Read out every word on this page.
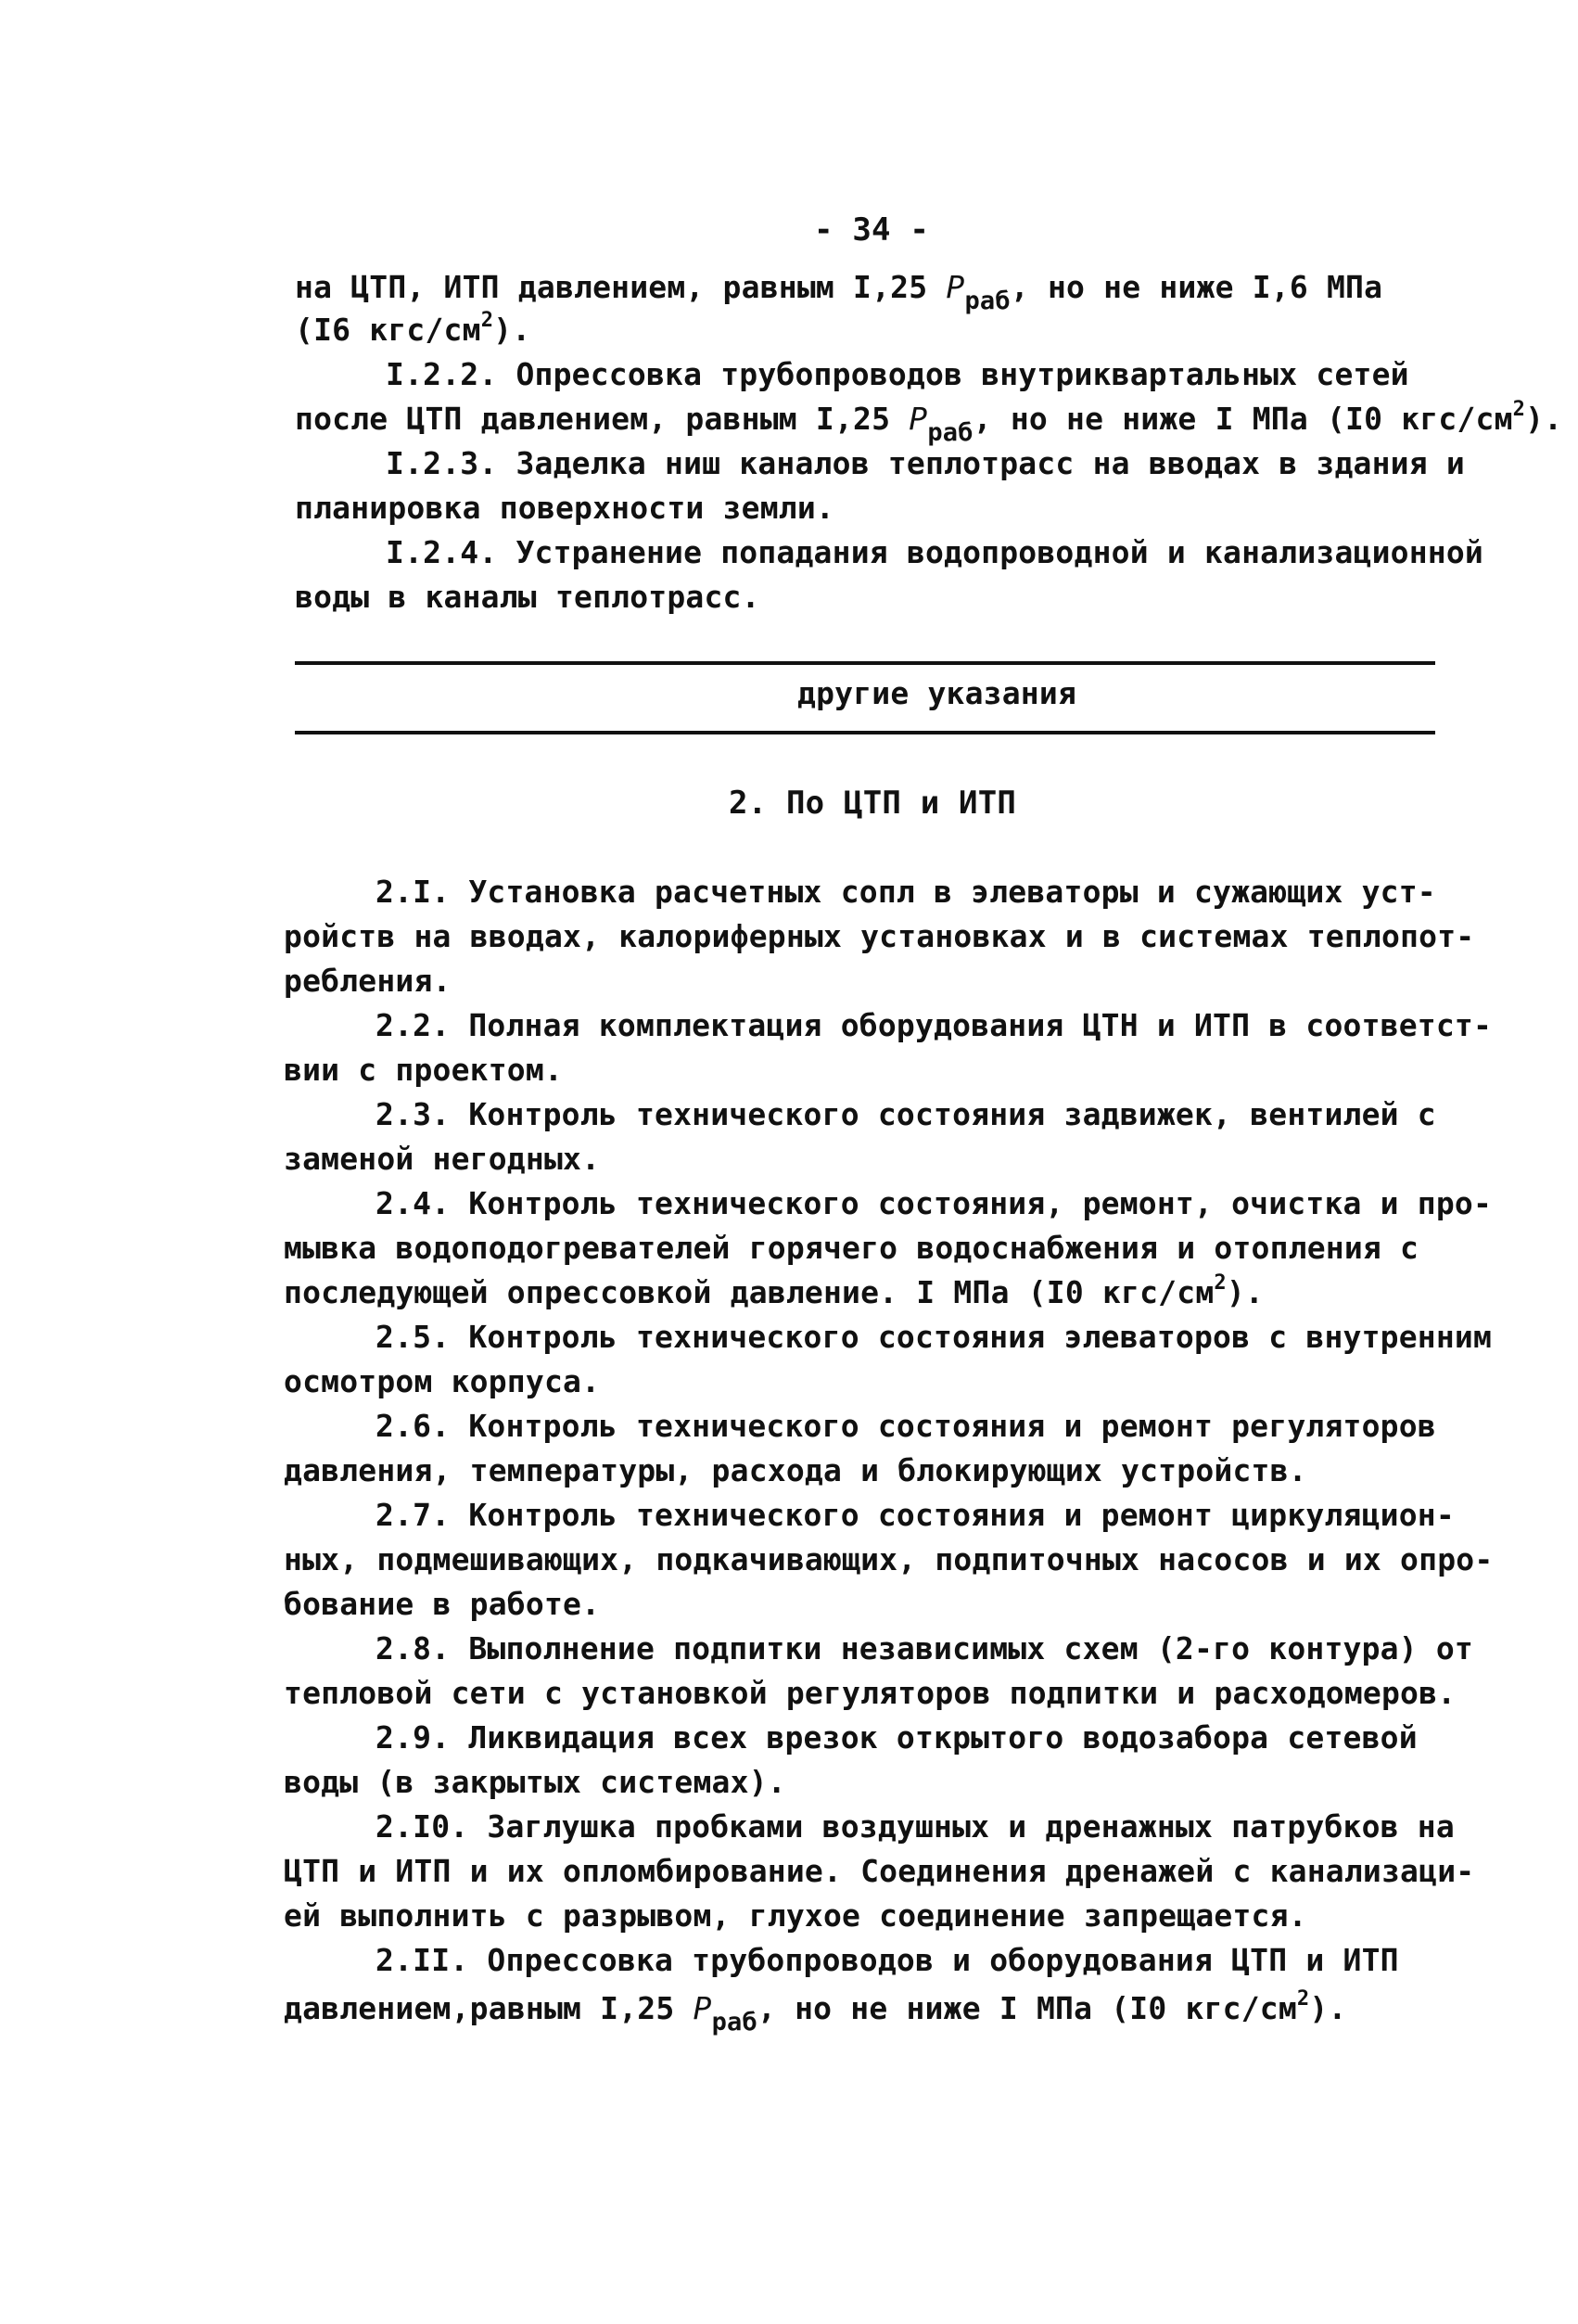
- 34 -
на ЦТП, ИТП давлением, равным I,25 $P_{раб}$, но не ниже I,6 МПа
(I6 кгс/$см^2$).
I.2.2. Опрессовка трубопроводов внутриквартальных сетей
после ЦТП давлением, равным I,25 $P_{раб}$, но не ниже I МПа (I0 кгс/$см^2$).
I.2.3. Заделка ниш каналов теплотрасс на вводах в здания и
планировка поверхности земли.
I.2.4. Устранение попадания водопроводной и канализационной
воды в каналы теплотрасс.
другие указания
2. По ЦТП и ИТП
2.I. Установка расчетных сопл в элеваторы и сужающих уст-
ройств на вводах, калориферных установках и в системах теплопот-
ребления.
2.2. Полная комплектация оборудования ЦТН и ИТП в соответст-
вии с проектом.
2.3. Контроль технического состояния задвижек, вентилей с
заменой негодных.
2.4. Контроль технического состояния, ремонт, очистка и про-
мывка водоподогревателей горячего водоснабжения и отопления с
последующей опрессовкой давление. I МПа (I0 кгс/$см^2$).
2.5. Контроль технического состояния элеваторов с внутренним
осмотром корпуса.
2.6. Контроль технического состояния и ремонт регуляторов
давления, температуры, расхода и блокирующих устройств.
2.7. Контроль технического состояния и ремонт циркуляцион-
ных, подмешивающих, подкачивающих, подпиточных насосов и их опро-
бование в работе.
2.8. Выполнение подпитки независимых схем (2-го контура) от
тепловой сети с установкой регуляторов подпитки и расходомеров.
2.9. Ликвидация всех врезок открытого водозабора сетевой
воды (в закрытых системах).
2.I0. Заглушка пробками воздушных и дренажных патрубков на
ЦТП и ИТП и их опломбирование. Соединения дренажей с канализаци-
ей выполнить с разрывом, глухое соединение запрещается.
2.II. Опрессовка трубопроводов и оборудования ЦТП и ИТП
давлением,равным I,25 $P_{раб}$, но не ниже I МПа (I0 кгс/$см^2$).
